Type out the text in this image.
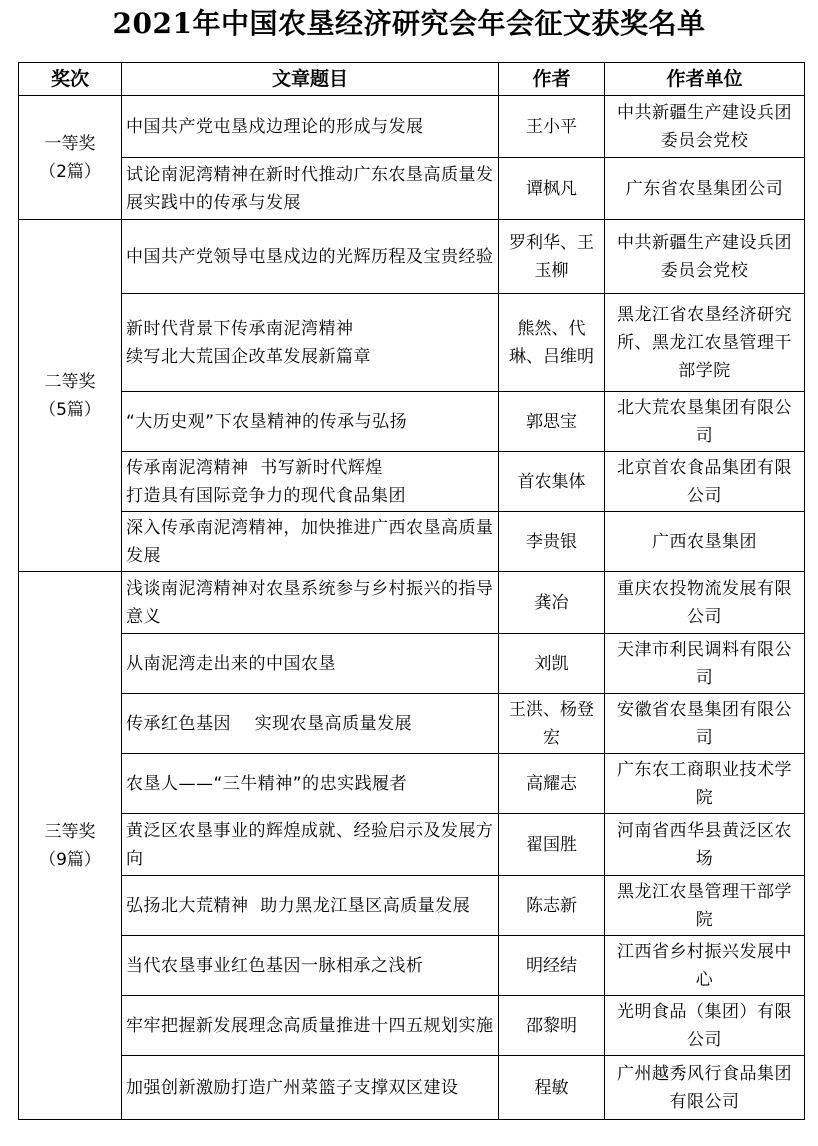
2021年中国农垦经济研究会年会征文获奖名单
奖次	文章题目	作者	作者单位

一等奖
（2篇）	中国共产党屯垦戍边理论的形成与发展	王小平	中共新疆生产建设兵团委员会党校

	试论南泥湾精神在新时代推动广东农垦高质量发展实践中的传承与发展	谭枫凡	广东省农垦集团公司

二等奖
（5篇）	中国共产党领导屯垦戍边的光辉历程及宝贵经验	罗利华、王玉柳	中共新疆生产建设兵团委员会党校

	新时代背景下传承南泥湾精神
续写北大荒国企改革发展新篇章	熊然、代琳、吕维明	黑龙江省农垦经济研究所、黑龙江农垦管理干部学院

	“大历史观”下农垦精神的传承与弘扬	郭思宝	北大荒农垦集团有限公司

	传承南泥湾精神  书写新时代辉煌
打造具有国际竞争力的现代食品集团	首农集体	北京首农食品集团有限公司

	深入传承南泥湾精神，加快推进广西农垦高质量发展	李贵银	广西农垦集团

三等奖
（9篇）	浅谈南泥湾精神对农垦系统参与乡村振兴的指导意义	龚冶	重庆农投物流发展有限公司

	从南泥湾走出来的中国农垦	刘凯	天津市利民调料有限公司

	传承红色基因    实现农垦高质量发展	王洪、杨登宏	安徽省农垦集团有限公司

	农垦人——“三牛精神”的忠实践履者	高耀志	广东农工商职业技术学院

	黄泛区农垦事业的辉煌成就、经验启示及发展方向	翟国胜	河南省西华县黄泛区农场

	弘扬北大荒精神  助力黑龙江垦区高质量发展	陈志新	黑龙江农垦管理干部学院

	当代农垦事业红色基因一脉相承之浅析	明经结	江西省乡村振兴发展中心

	牢牢把握新发展理念高质量推进十四五规划实施	邵黎明	光明食品（集团）有限公司

	加强创新激励打造广州菜篮子支撑双区建设	程敏	广州越秀风行食品集团有限公司
